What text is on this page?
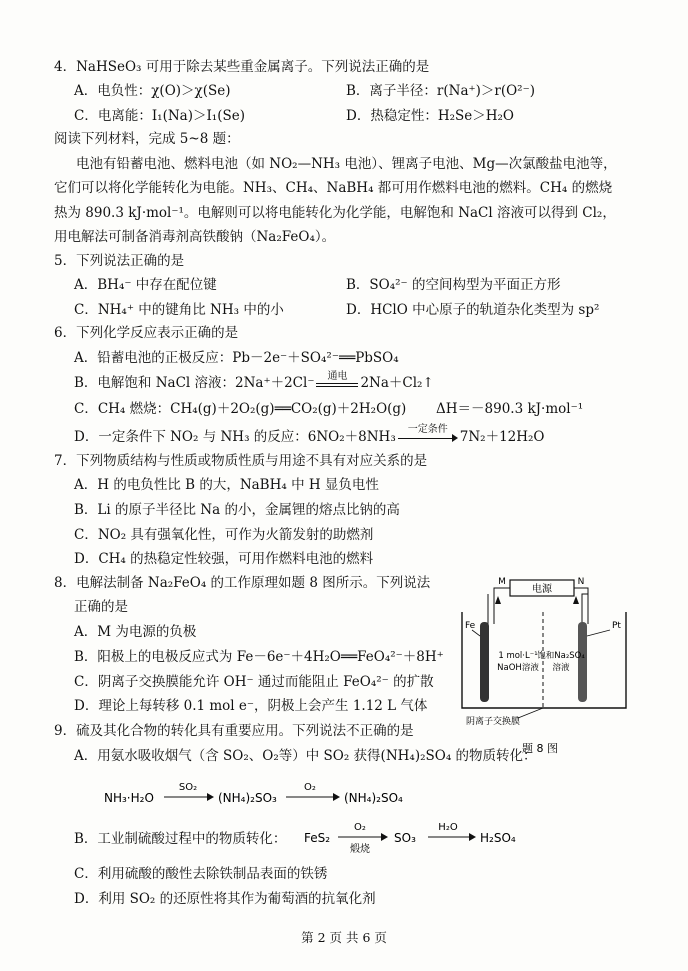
4．NaHSeO₃ 可用于除去某些重金属离子。下列说法正确的是
A．电负性：χ(O)＞χ(Se)	B．离子半径：r(Na⁺)＞r(O²⁻)
C．电离能：I₁(Na)＞I₁(Se)	D．热稳定性：H₂Se＞H₂O
阅读下列材料，完成 5~8 题：
电池有铅蓄电池、燃料电池（如 NO₂—NH₃ 电池）、锂离子电池、Mg—次氯酸盐电池等，
它们可以将化学能转化为电能。NH₃、CH₄、NaBH₄ 都可用作燃料电池的燃料。CH₄ 的燃烧
热为 890.3 kJ·mol⁻¹。电解则可以将电能转化为化学能，电解饱和 NaCl 溶液可以得到 Cl₂，
用电解法可制备消毒剂高铁酸钠（Na₂FeO₄）。
5．下列说法正确的是
A．BH₄⁻ 中存在配位键	B．SO₄²⁻ 的空间构型为平面正方形
C．NH₄⁺ 中的键角比 NH₃ 中的小	D．HClO 中心原子的轨道杂化类型为 sp²
6．下列化学反应表示正确的是
A．铅蓄电池的正极反应：Pb－2e⁻＋SO₄²⁻══PbSO₄
B．电解饱和 NaCl 溶液：2Na⁺＋2Cl⁻	通电 2Na＋Cl₂↑
C．CH₄ 燃烧：CH₄(g)＋2O₂(g)══CO₂(g)＋2H₂O(g) ΔH＝－890.3 kJ·mol⁻¹
D．一定条件下 NO₂ 与 NH₃ 的反应：6NO₂＋8NH₃	一定条件 7N₂＋12H₂O
7．下列物质结构与性质或物质性质与用途不具有对应关系的是
A．H 的电负性比 B 的大，NaBH₄ 中 H 显负电性
B．Li 的原子半径比 Na 的小，金属锂的熔点比钠的高
C．NO₂ 具有强氧化性，可作为火箭发射的助燃剂
D．CH₄ 的热稳定性较强，可用作燃料电池的燃料
8．电解法制备 Na₂FeO₄ 的工作原理如题 8 图所示。下列说法
正确的是
A．M 为电源的负极
B．阳极上的电极反应式为 Fe－6e⁻＋4H₂O══FeO₄²⁻＋8H⁺
C．阴离子交换膜能允许 OH⁻ 通过而能阻止 FeO₄²⁻ 的扩散
D．理论上每转移 0.1 mol e⁻，阴极上会产生 1.12 L 气体
电源
M	N
Fe	Pt
1 mol·L⁻¹
NaOH溶液
饱和Na₂SO₄
溶液
阴离子交换膜
题 8 图
9．硫及其化合物的转化具有重要应用。下列说法不正确的是
A．用氨水吸收烟气（含 SO₂、O₂等）中 SO₂ 获得(NH₄)₂SO₄ 的物质转化：
NH₃·H₂O
SO₂
(NH₄)₂SO₃
O₂
(NH₄)₂SO₄
B．工业制硫酸过程中的物质转化： FeS₂
O₂
煅烧
SO₃
H₂O
H₂SO₄
C．利用硫酸的酸性去除铁制品表面的铁锈
D．利用 SO₂ 的还原性将其作为葡萄酒的抗氧化剂
第 2 页 共 6 页
